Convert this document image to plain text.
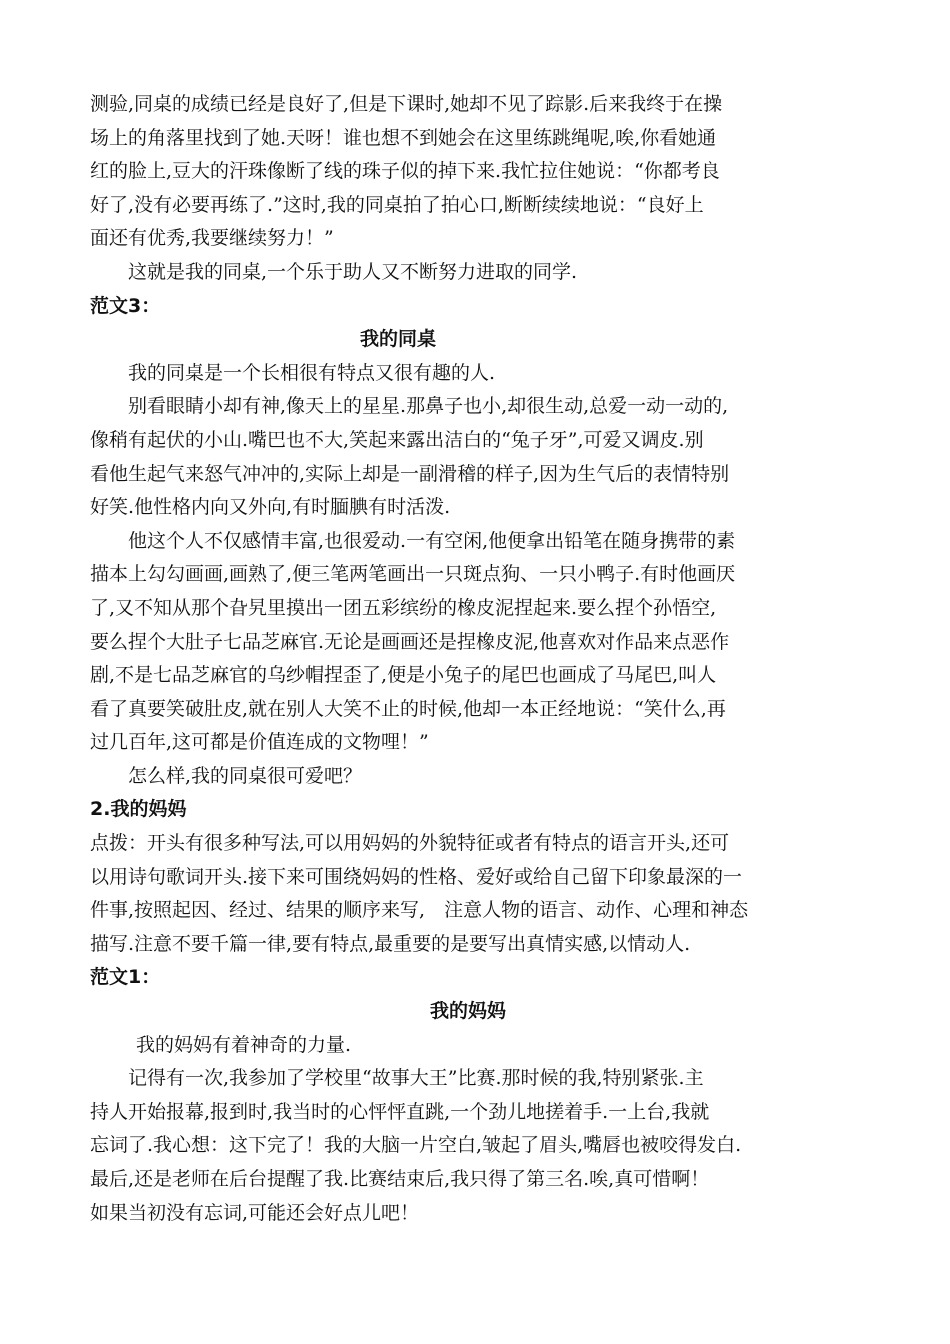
测验,同桌的成绩已经是良好了,但是下课时,她却不见了踪影.后来我终于在操
场上的角落里找到了她.天呀！谁也想不到她会在这里练跳绳呢,唉,你看她通
红的脸上,豆大的汗珠像断了线的珠子似的掉下来.我忙拉住她说：“你都考良
好了,没有必要再练了.”这时,我的同桌拍了拍心口,断断续续地说：“良好上
面还有优秀,我要继续努力！”
这就是我的同桌,一个乐于助人又不断努力进取的同学.
范文3：
我的同桌
我的同桌是一个长相很有特点又很有趣的人.
别看眼睛小却有神,像天上的星星.那鼻子也小,却很生动,总爱一动一动的,
像稍有起伏的小山.嘴巴也不大,笑起来露出洁白的“兔子牙”,可爱又调皮.别
看他生起气来怒气冲冲的,实际上却是一副滑稽的样子,因为生气后的表情特别
好笑.他性格内向又外向,有时腼腆有时活泼.
他这个人不仅感情丰富,也很爱动.一有空闲,他便拿出铅笔在随身携带的素
描本上勾勾画画,画熟了,便三笔两笔画出一只斑点狗、一只小鸭子.有时他画厌
了,又不知从那个旮旯里摸出一团五彩缤纷的橡皮泥捏起来.要么捏个孙悟空,
要么捏个大肚子七品芝麻官.无论是画画还是捏橡皮泥,他喜欢对作品来点恶作
剧,不是七品芝麻官的乌纱帽捏歪了,便是小兔子的尾巴也画成了马尾巴,叫人
看了真要笑破肚皮,就在别人大笑不止的时候,他却一本正经地说：“笑什么,再
过几百年,这可都是价值连成的文物哩！”
怎么样,我的同桌很可爱吧？
2.我的妈妈
点拨：开头有很多种写法,可以用妈妈的外貌特征或者有特点的语言开头,还可
以用诗句歌词开头.接下来可围绕妈妈的性格、爱好或给自己留下印象最深的一
件事,按照起因、经过、结果的顺序来写,　注意人物的语言、动作、心理和神态
描写.注意不要千篇一律,要有特点,最重要的是要写出真情实感,以情动人.
范文1：
我的妈妈
我的妈妈有着神奇的力量.
记得有一次,我参加了学校里“故事大王”比赛.那时候的我,特别紧张.主
持人开始报幕,报到时,我当时的心怦怦直跳,一个劲儿地搓着手.一上台,我就
忘词了.我心想：这下完了！我的大脑一片空白,皱起了眉头,嘴唇也被咬得发白.
最后,还是老师在后台提醒了我.比赛结束后,我只得了第三名.唉,真可惜啊！
如果当初没有忘词,可能还会好点儿吧！
